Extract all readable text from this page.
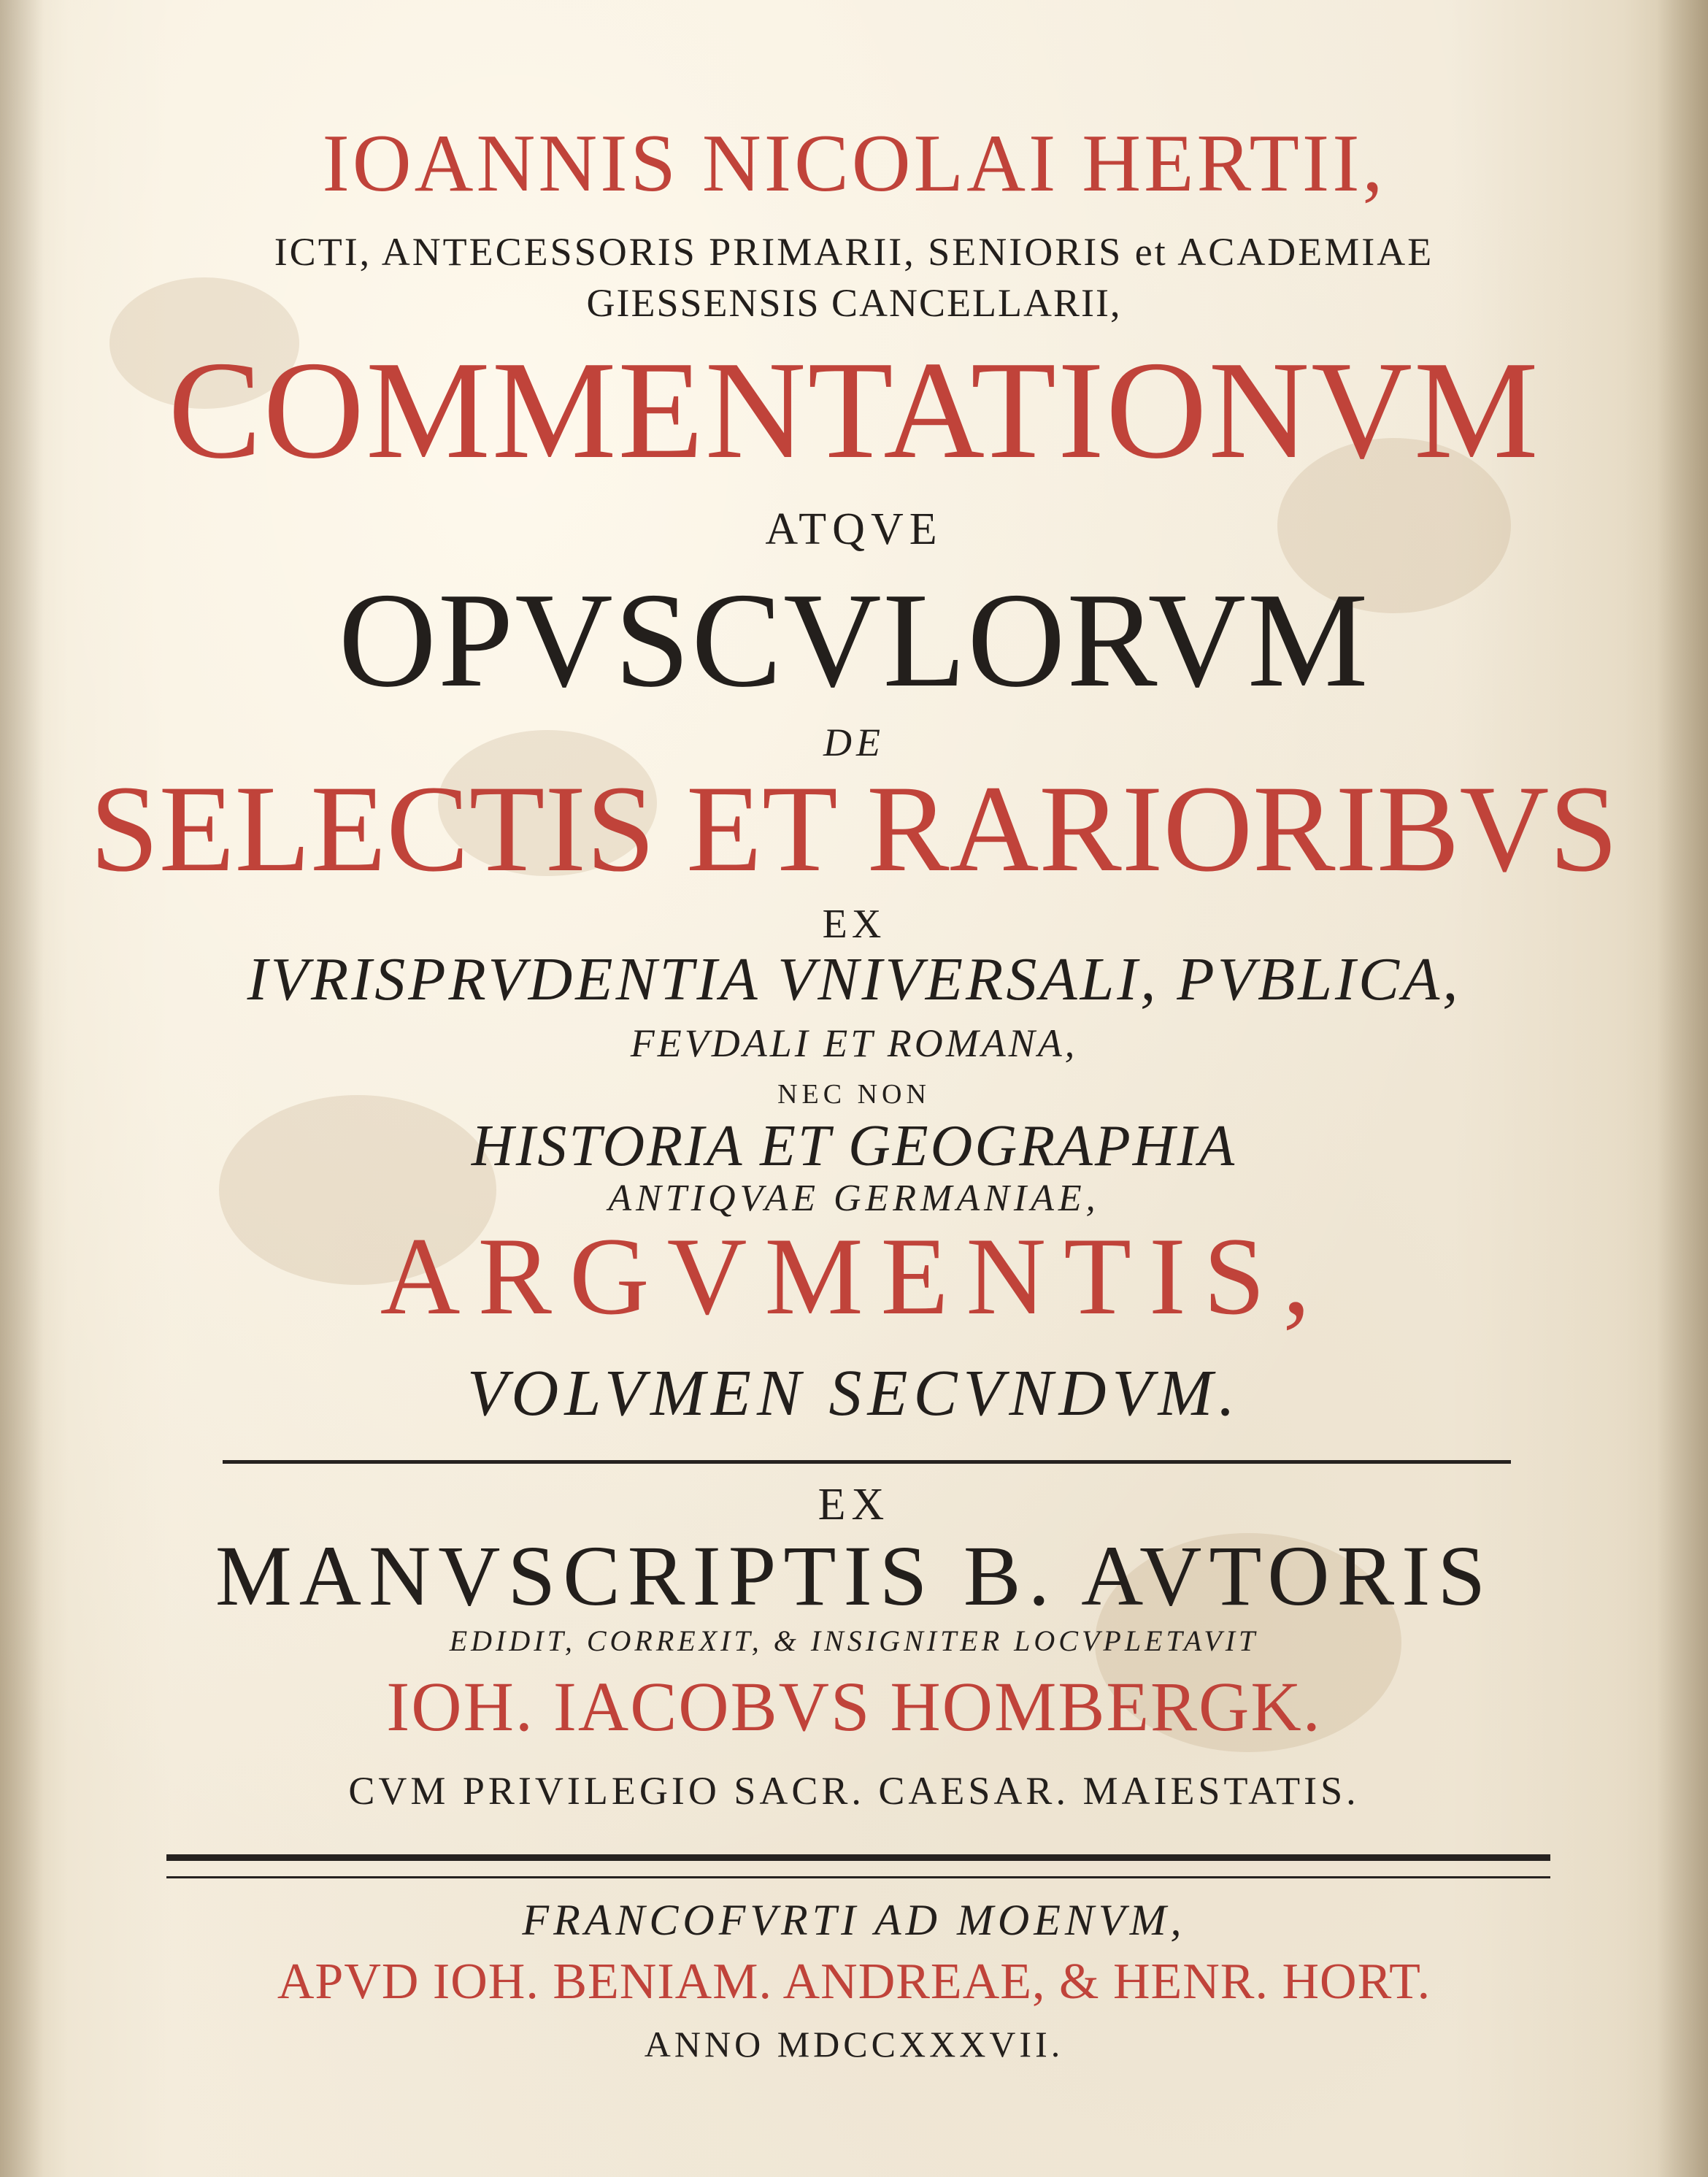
IOANNIS NICOLAI HERTII,
ICTI, ANTECESSORIS PRIMARII, SENIORIS et ACADEMIAE
GIESSENSIS CANCELLARII,
COMMENTATIONVM
ATQVE
OPVSCVLORVM
DE
SELECTIS ET RARIORIBVS
EX
IVRISPRVDENTIA VNIVERSALI, PVBLICA,
FEVDALI ET ROMANA,
NEC NON
HISTORIA ET GEOGRAPHIA
ANTIQVAE GERMANIAE,
ARGVMENTIS,
VOLVMEN SECVNDVM.
EX
MANVSCRIPTIS B. AVTORIS
EDIDIT, CORREXIT, & INSIGNITER LOCVPLETAVIT
IOH. IACOBVS HOMBERGK.
CVM PRIVILEGIO SACR. CAESAR. MAIESTATIS.
FRANCOFVRTI AD MOENVM,
APVD IOH. BENIAM. ANDREAE, & HENR. HORT.
ANNO MDCCXXXVII.
